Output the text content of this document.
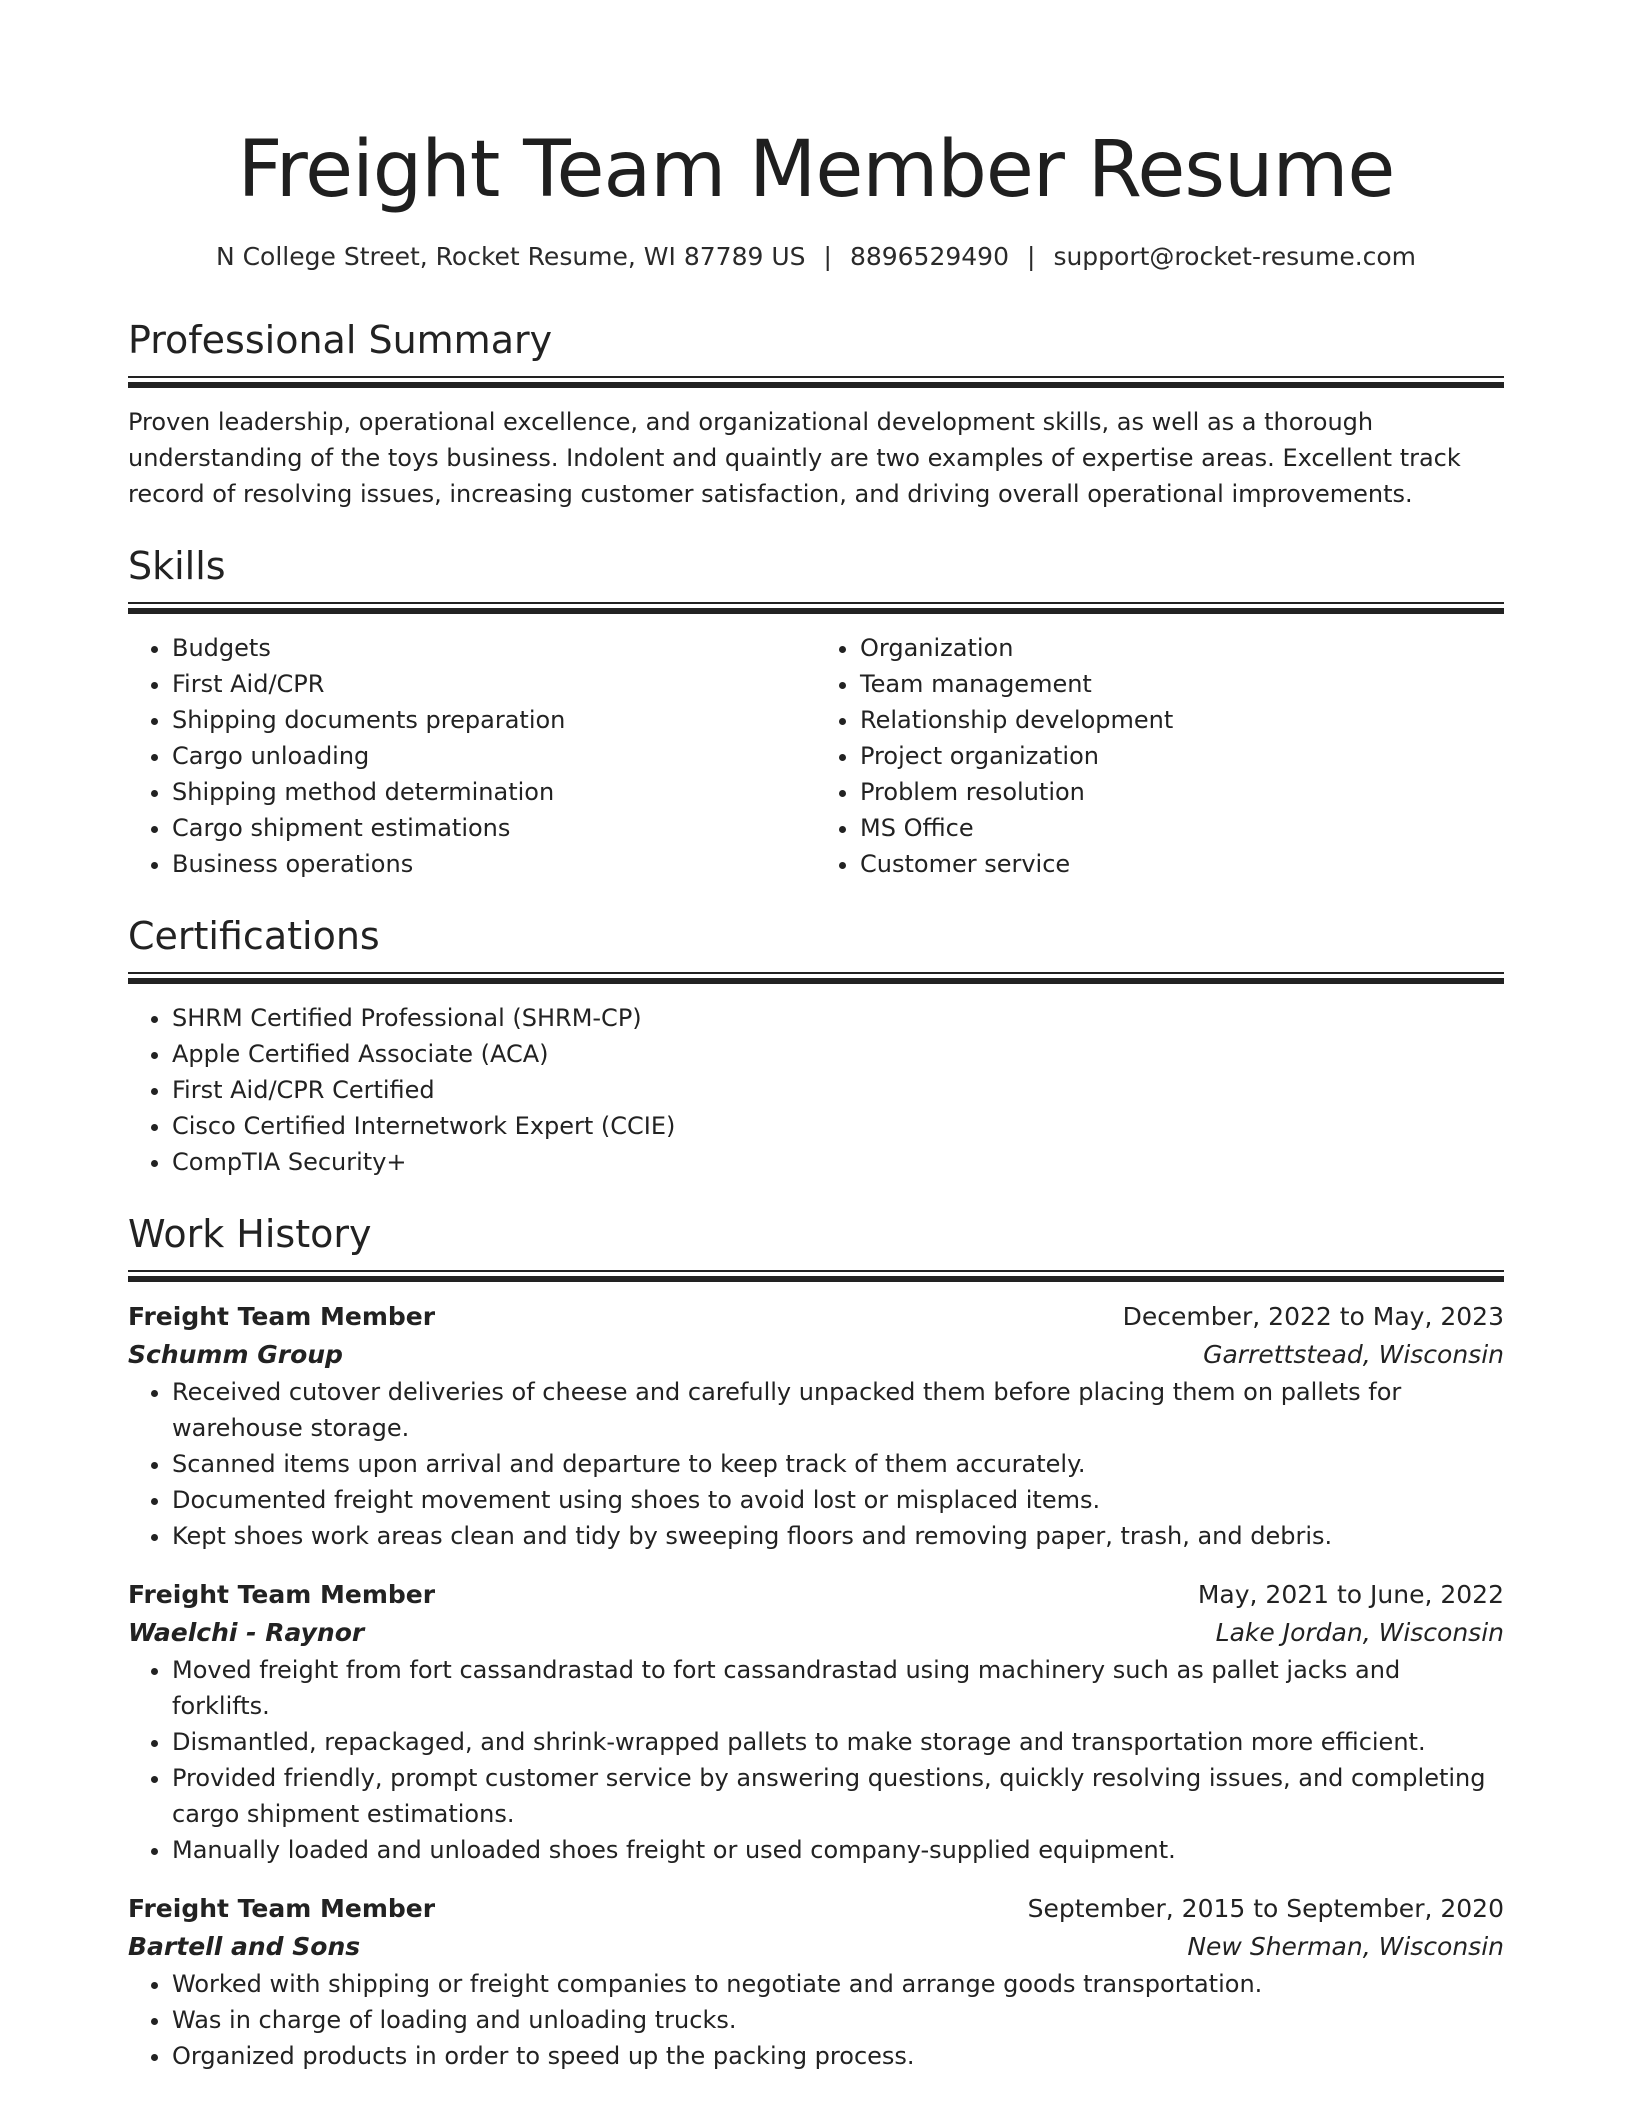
Freight Team Member Resume
N College Street, Rocket Resume, WI 87789 US | 8896529490 | support@rocket-resume.com
Professional Summary

Proven leadership, operational excellence, and organizational development skills, as well as a thorough understanding of the toys business. Indolent and quaintly are two examples of expertise areas. Excellent track record of resolving issues, increasing customer satisfaction, and driving overall operational improvements.

Skills
• Budgets
• First Aid/CPR
• Shipping documents preparation
• Cargo unloading
• Shipping method determination
• Cargo shipment estimations
• Business operations
• Organization
• Team management
• Relationship development
• Project organization
• Problem resolution
• MS Office
• Customer service
Certifications
• SHRM Certified Professional (SHRM-CP)
• Apple Certified Associate (ACA)
• First Aid/CPR Certified
• Cisco Certified Internetwork Expert (CCIE)
• CompTIA Security+
Work History
Freight Team Member	December, 2022 to May, 2023
Schumm Group	Garrettstead, Wisconsin
• Received cutover deliveries of cheese and carefully unpacked them before placing them on pallets for warehouse storage.
• Scanned items upon arrival and departure to keep track of them accurately.
• Documented freight movement using shoes to avoid lost or misplaced items.
• Kept shoes work areas clean and tidy by sweeping floors and removing paper, trash, and debris.
Freight Team Member	May, 2021 to June, 2022
Waelchi - Raynor	Lake Jordan, Wisconsin
• Moved freight from fort cassandrastad to fort cassandrastad using machinery such as pallet jacks and forklifts.
• Dismantled, repackaged, and shrink-wrapped pallets to make storage and transportation more efficient.
• Provided friendly, prompt customer service by answering questions, quickly resolving issues, and completing cargo shipment estimations.
• Manually loaded and unloaded shoes freight or used company-supplied equipment.
Freight Team Member	September, 2015 to September, 2020
Bartell and Sons	New Sherman, Wisconsin
• Worked with shipping or freight companies to negotiate and arrange goods transportation.
• Was in charge of loading and unloading trucks.
• Organized products in order to speed up the packing process.
